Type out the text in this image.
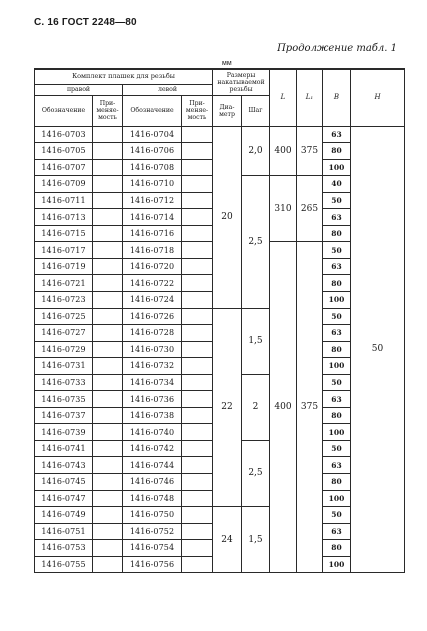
С. 16 ГОСТ 2248—80
Продолжение табл. 1
мм
Комплект плашек для резьбы				Размеры накатываемой резьбы		L	L₁	B	H
правой		левой							
Обозначение	При- меняе- мость	Обозначение	При- меняе- мость	Диа- метр	Шаг				
1416-0703		1416-0704		20	2,0	400	375	63	50
1416-0705		1416-0706						80	
1416-0707		1416-0708						100	
1416-0709		1416-0710			2,5	310	265	40	
1416-0711		1416-0712						50	
1416-0713		1416-0714						63	
1416-0715		1416-0716						80	
1416-0717		1416-0718				400	375	50	
1416-0719		1416-0720						63	
1416-0721		1416-0722						80	
1416-0723		1416-0724						100	
1416-0725		1416-0726		22	1,5			50	
1416-0727		1416-0728						63	
1416-0729		1416-0730						80	
1416-0731		1416-0732						100	
1416-0733		1416-0734			2			50	
1416-0735		1416-0736						63	
1416-0737		1416-0738						80	
1416-0739		1416-0740						100	
1416-0741		1416-0742			2,5			50	
1416-0743		1416-0744						63	
1416-0745		1416-0746						80	
1416-0747		1416-0748						100	
1416-0749		1416-0750		24	1,5			50	
1416-0751		1416-0752						63	
1416-0753		1416-0754						80	
1416-0755		1416-0756						100	
